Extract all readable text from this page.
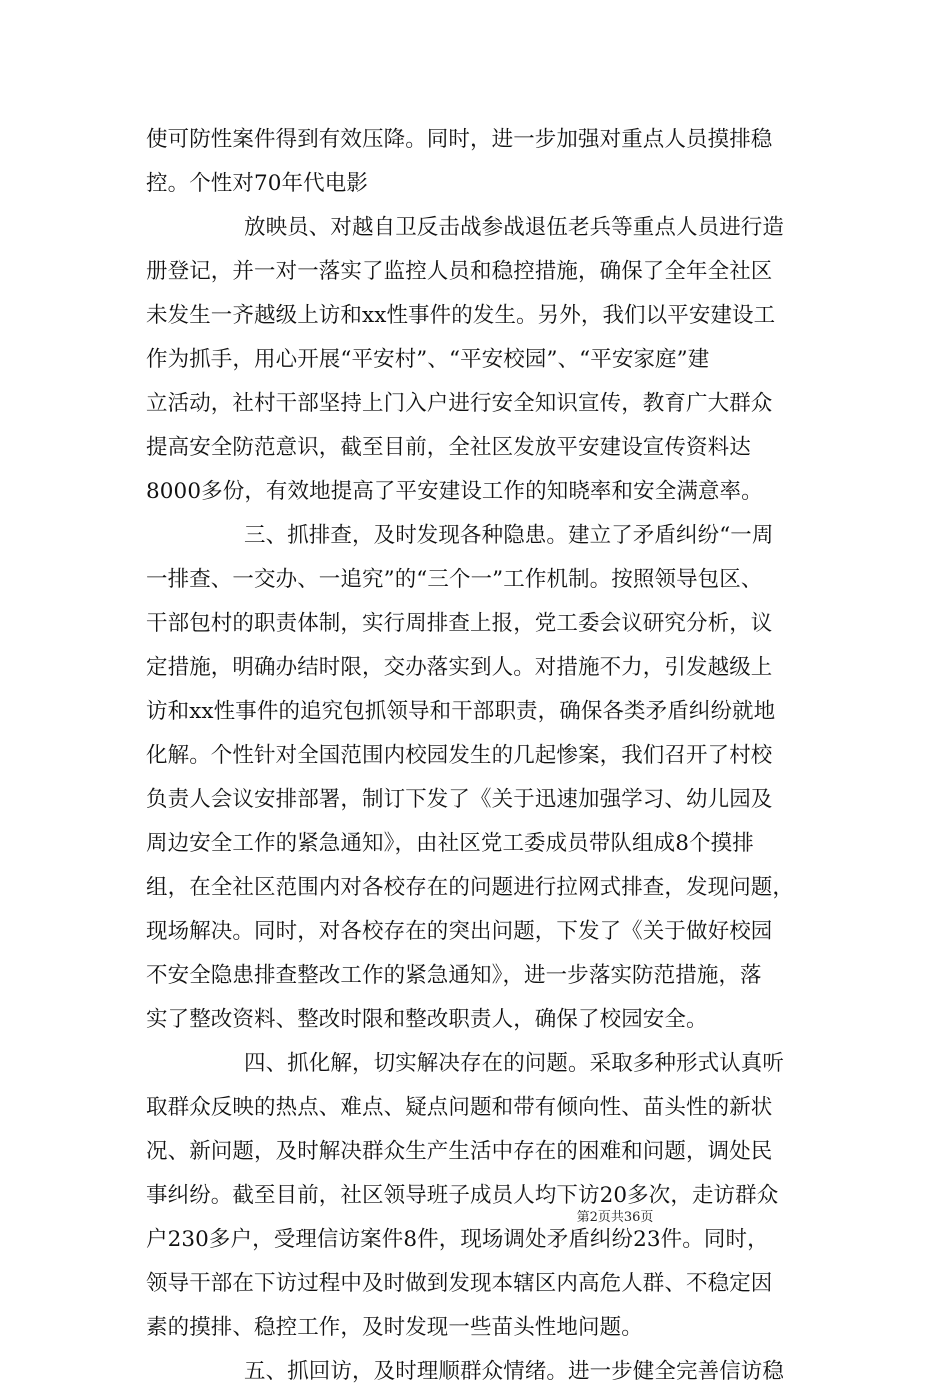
使可防性案件得到有效压降。同时，进一步加强对重点人员摸排稳
控。个性对70年代电影
放映员、对越自卫反击战参战退伍老兵等重点人员进行造
册登记，并一对一落实了监控人员和稳控措施，确保了全年全社区
未发生一齐越级上访和xx性事件的发生。另外，我们以平安建设工
作为抓手，用心开展“平安村”、“平安校园”、“平安家庭”建
立活动，社村干部坚持上门入户进行安全知识宣传，教育广大群众
提高安全防范意识，截至目前，全社区发放平安建设宣传资料达
8000多份，有效地提高了平安建设工作的知晓率和安全满意率。
三、抓排查，及时发现各种隐患。建立了矛盾纠纷“一周
一排查、一交办、一追究”的“三个一”工作机制。按照领导包区、
干部包村的职责体制，实行周排查上报，党工委会议研究分析，议
定措施，明确办结时限，交办落实到人。对措施不力，引发越级上
访和xx性事件的追究包抓领导和干部职责，确保各类矛盾纠纷就地
化解。个性针对全国范围内校园发生的几起惨案，我们召开了村校
负责人会议安排部署，制订下发了《关于迅速加强学习、幼儿园及
周边安全工作的紧急通知》，由社区党工委成员带队组成8个摸排
组，在全社区范围内对各校存在的问题进行拉网式排查，发现问题，
现场解决。同时，对各校存在的突出问题，下发了《关于做好校园
不安全隐患排查整改工作的紧急通知》，进一步落实防范措施，落
实了整改资料、整改时限和整改职责人，确保了校园安全。
四、抓化解，切实解决存在的问题。采取多种形式认真听
取群众反映的热点、难点、疑点问题和带有倾向性、苗头性的新状
况、新问题，及时解决群众生产生活中存在的困难和问题，调处民
事纠纷。截至目前，社区领导班子成员人均下访20多次，走访群众
户230多户，受理信访案件8件，现场调处矛盾纠纷23件。同时，
领导干部在下访过程中及时做到发现本辖区内高危人群、不稳定因
素的摸排、稳控工作，及时发现一些苗头性地问题。
五、抓回访，及时理顺群众情绪。进一步健全完善信访稳
第2页共36页
